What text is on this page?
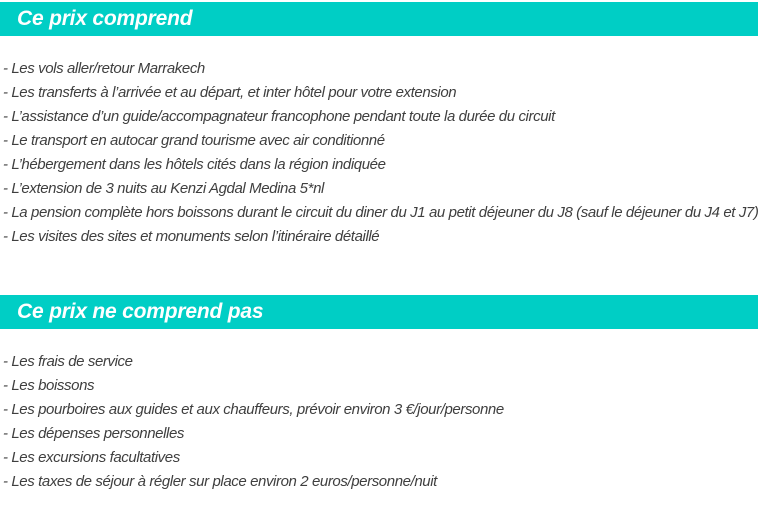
Ce prix comprend
- Les vols aller/retour Marrakech
- Les transferts à l’arrivée et au départ, et inter hôtel pour votre extension
- L’assistance d’un guide/accompagnateur francophone pendant toute la durée du circuit
- Le transport en autocar grand tourisme avec air conditionné
- L’hébergement dans les hôtels cités dans la région indiquée
- L’extension de 3 nuits au Kenzi Agdal Medina 5*nl
- La pension complète hors boissons durant le circuit du diner du J1 au petit déjeuner du J8 (sauf le déjeuner du J4 et J7)
- Les visites des sites et monuments selon l’itinéraire détaillé
Ce prix ne comprend pas
- Les frais de service
- Les boissons
- Les pourboires aux guides et aux chauffeurs, prévoir environ 3 €/jour/personne
- Les dépenses personnelles
- Les excursions facultatives
- Les taxes de séjour à régler sur place environ 2 euros/personne/nuit
